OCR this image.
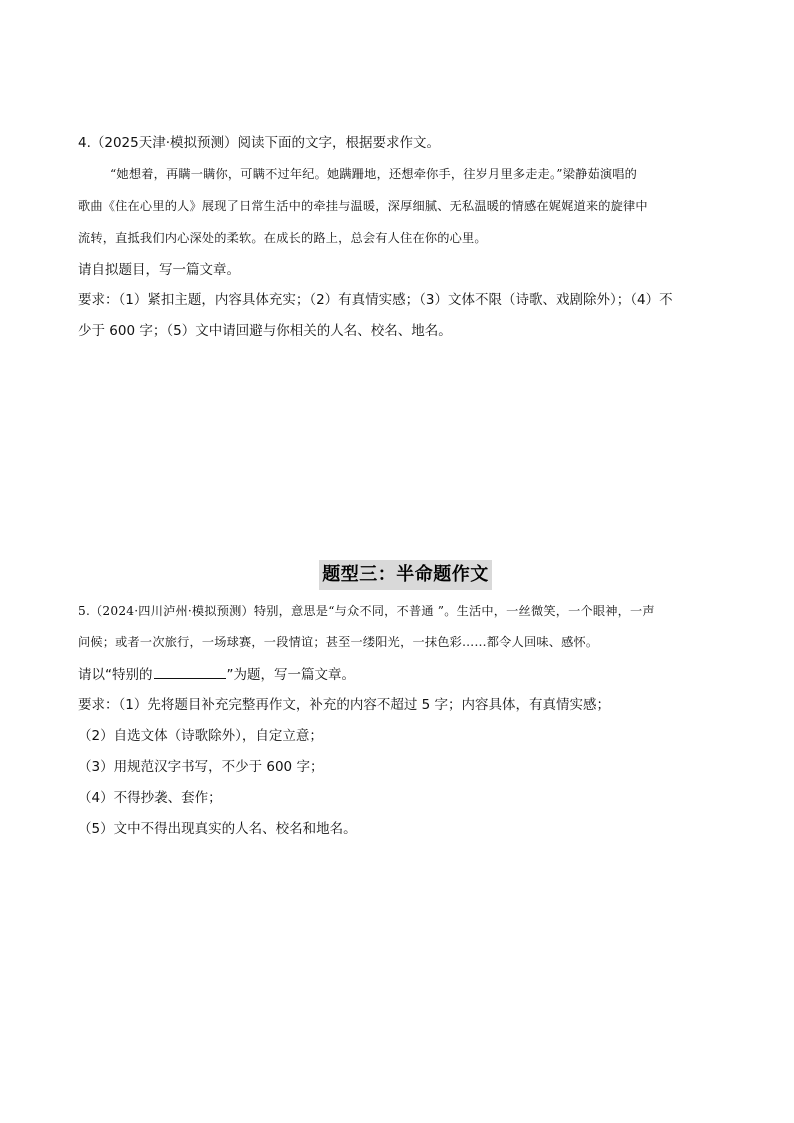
4.（2025天津·模拟预测）阅读下面的文字，根据要求作文。
“她想着，再瞒一瞒你，可瞒不过年纪。她蹒跚地，还想牵你手，往岁月里多走走。”梁静茹演唱的
歌曲《住在心里的人》展现了日常生活中的牵挂与温暖，深厚细腻、无私温暖的情感在娓娓道来的旋律中
流转，直抵我们内心深处的柔软。在成长的路上，总会有人住在你的心里。
请自拟题目，写一篇文章。
要求：（1）紧扣主题，内容具体充实；（2）有真情实感；（3）文体不限（诗歌、戏剧除外）；（4）不
少于 600 字；（5）文中请回避与你相关的人名、校名、地名。
题型三：半命题作文
5.（2024·四川泸州·模拟预测）特别，意思是“与众不同，不普通 ”。生活中，一丝微笑，一个眼神，一声
问候；或者一次旅行，一场球赛，一段情谊；甚至一缕阳光，一抹色彩……都令人回味、感怀。
请以“特别的	”为题，写一篇文章。
要求：（1）先将题目补充完整再作文，补充的内容不超过 5 字；内容具体，有真情实感；
（2）自选文体（诗歌除外），自定立意；
（3）用规范汉字书写，不少于 600 字；
（4）不得抄袭、套作；
（5）文中不得出现真实的人名、校名和地名。
